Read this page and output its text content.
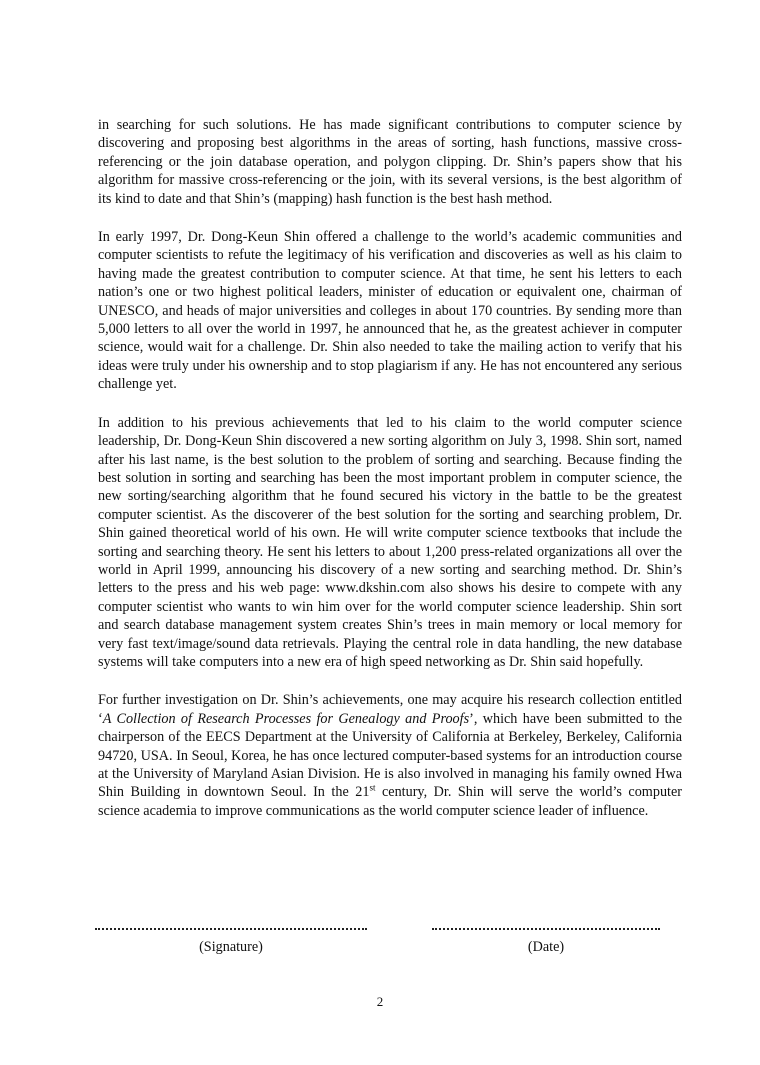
in searching for such solutions. He has made significant contributions to computer science by discovering and proposing best algorithms in the areas of sorting, hash functions, massive cross-referencing or the join database operation, and polygon clipping. Dr. Shin’s papers show that his algorithm for massive cross-referencing or the join, with its several versions, is the best algorithm of its kind to date and that Shin’s (mapping) hash function is the best hash method.

In early 1997, Dr. Dong-Keun Shin offered a challenge to the world’s academic communities and computer scientists to refute the legitimacy of his verification and discoveries as well as his claim to having made the greatest contribution to computer science. At that time, he sent his letters to each nation’s one or two highest political leaders, minister of education or equivalent one, chairman of UNESCO, and heads of major universities and colleges in about 170 countries. By sending more than 5,000 letters to all over the world in 1997, he announced that he, as the greatest achiever in computer science, would wait for a challenge. Dr. Shin also needed to take the mailing action to verify that his ideas were truly under his ownership and to stop plagiarism if any. He has not encountered any serious challenge yet.

In addition to his previous achievements that led to his claim to the world computer science leadership, Dr. Dong-Keun Shin discovered a new sorting algorithm on July 3, 1998. Shin sort, named after his last name, is the best solution to the problem of sorting and searching. Because finding the best solution in sorting and searching has been the most important problem in computer science, the new sorting/searching algorithm that he found secured his victory in the battle to be the greatest computer scientist. As the discoverer of the best solution for the sorting and searching problem, Dr. Shin gained theoretical world of his own. He will write computer science textbooks that include the sorting and searching theory. He sent his letters to about 1,200 press-related organizations all over the world in April 1999, announcing his discovery of a new sorting and searching method. Dr. Shin’s letters to the press and his web page: www.dkshin.com also shows his desire to compete with any computer scientist who wants to win him over for the world computer science leadership. Shin sort and search database management system creates Shin’s trees in main memory or local memory for very fast text/image/sound data retrievals. Playing the central role in data handling, the new database systems will take computers into a new era of high speed networking as Dr. Shin said hopefully.

For further investigation on Dr. Shin’s achievements, one may acquire his research collection entitled ‘A Collection of Research Processes for Genealogy and Proofs’, which have been submitted to the chairperson of the EECS Department at the University of California at Berkeley, Berkeley, California 94720, USA. In Seoul, Korea, he has once lectured computer-based systems for an introduction course at the University of Maryland Asian Division. He is also involved in managing his family owned Hwa Shin Building in downtown Seoul. In the 21st century, Dr. Shin will serve the world’s computer science academia to improve communications as the world computer science leader of influence.

(Signature)	(Date)
2
